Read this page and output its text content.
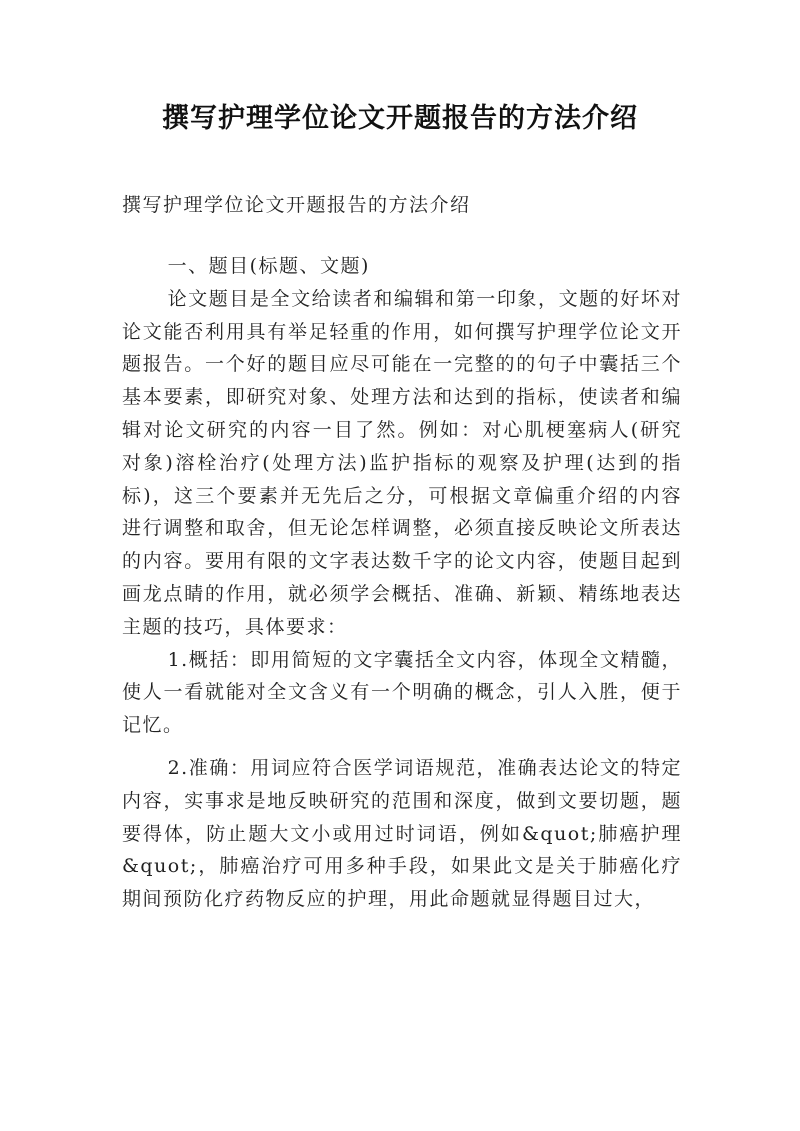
撰写护理学位论文开题报告的方法介绍
撰写护理学位论文开题报告的方法介绍

一、题目(标题、文题)

论文题目是全文给读者和编辑和第一印象，文题的好坏对论文能否利用具有举足轻重的作用，如何撰写护理学位论文开题报告。一个好的题目应尽可能在一完整的的句子中囊括三个基本要素，即研究对象、处理方法和达到的指标，使读者和编辑对论文研究的内容一目了然。例如：对心肌梗塞病人(研究对象)溶栓治疗(处理方法)监护指标的观察及护理(达到的指标)，这三个要素并无先后之分，可根据文章偏重介绍的内容进行调整和取舍，但无论怎样调整，必须直接反映论文所表达的内容。要用有限的文字表达数千字的论文内容，使题目起到画龙点睛的作用，就必须学会概括、准确、新颖、精练地表达主题的技巧，具体要求：

1.概括：即用简短的文字囊括全文内容，体现全文精髓，使人一看就能对全文含义有一个明确的概念，引人入胜，便于记忆。

2.准确：用词应符合医学词语规范，准确表达论文的特定内容，实事求是地反映研究的范围和深度，做到文要切题，题要得体，防止题大文小或用过时词语，例如&quot;肺癌护理&quot;，肺癌治疗可用多种手段，如果此文是关于肺癌化疗期间预防化疗药物反应的护理，用此命题就显得题目过大，
